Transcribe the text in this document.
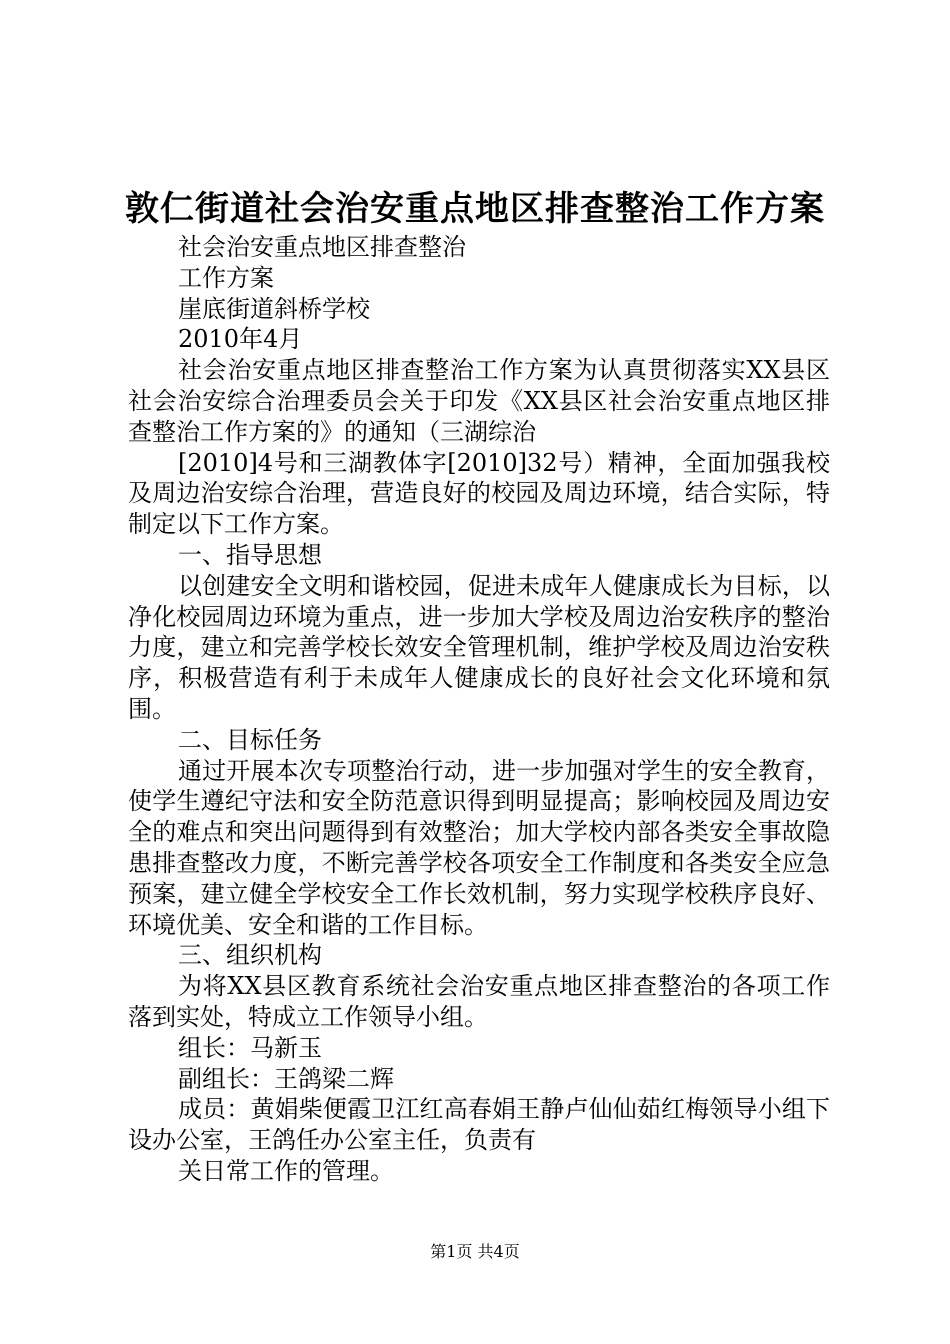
敦仁街道社会治安重点地区排查整治工作方案

社会治安重点地区排查整治

工作方案

崖底街道斜桥学校

2010年4月

社会治安重点地区排查整治工作方案为认真贯彻落实XX县区社会治安综合治理委员会关于印发《XX县区社会治安重点地区排查整治工作方案的》的通知（三湖综治

[2010]4号和三湖教体字[2010]32号）精神，全面加强我校及周边治安综合治理，营造良好的校园及周边环境，结合实际，特制定以下工作方案。

一、指导思想

以创建安全文明和谐校园，促进未成年人健康成长为目标，以净化校园周边环境为重点，进一步加大学校及周边治安秩序的整治力度，建立和完善学校长效安全管理机制，维护学校及周边治安秩序，积极营造有利于未成年人健康成长的良好社会文化环境和氛围。

二、目标任务

通过开展本次专项整治行动，进一步加强对学生的安全教育，使学生遵纪守法和安全防范意识得到明显提高；影响校园及周边安全的难点和突出问题得到有效整治；加大学校内部各类安全事故隐患排查整改力度，不断完善学校各项安全工作制度和各类安全应急预案，建立健全学校安全工作长效机制，努力实现学校秩序良好、环境优美、安全和谐的工作目标。

三、组织机构

为将XX县区教育系统社会治安重点地区排查整治的各项工作落到实处，特成立工作领导小组。

组长：马新玉

副组长：王鸽梁二辉

成员：黄娟柴便霞卫江红高春娟王静卢仙仙茹红梅领导小组下设办公室，王鸽任办公室主任，负责有

关日常工作的管理。

第1页 共4页
